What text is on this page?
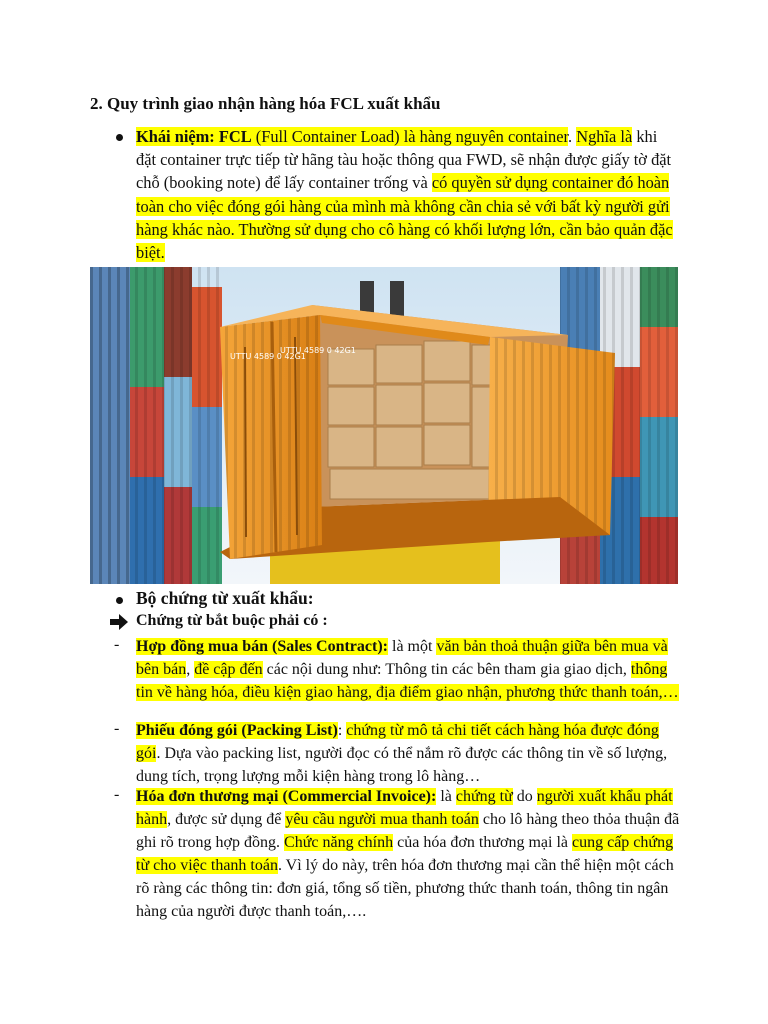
2. Quy trình giao nhận hàng hóa FCL xuất khẩu

Khái niệm: FCL (Full Container Load) là hàng nguyên container. Nghĩa là khi đặt container trực tiếp từ hãng tàu hoặc thông qua FWD, sẽ nhận được giấy tờ đặt chỗ (booking note) để lấy container trống và có quyền sử dụng container đó hoàn toàn cho việc đóng gói hàng của mình mà không cần chia sẻ với bất kỳ người gửi hàng khác nào. Thường sử dụng cho cô hàng có khối lượng lớn, cần bảo quản đặc biệt.

UTTU 4589 0 42G1
UTTU 4589 0 42G1
Bộ chứng từ xuất khẩu:
Chứng từ bắt buộc phải có :
- Hợp đồng mua bán (Sales Contract): là một văn bản thoả thuận giữa bên mua và bên bán, đề cập đến các nội dung như: Thông tin các bên tham gia giao dịch, thông tin về hàng hóa, điều kiện giao hàng, địa điểm giao nhận, phương thức thanh toán,…

- Phiếu đóng gói (Packing List): chứng từ mô tả chi tiết cách hàng hóa được đóng gói. Dựa vào packing list, người đọc có thể nắm rõ được các thông tin về số lượng, dung tích, trọng lượng mỗi kiện hàng trong lô hàng…

- Hóa đơn thương mại (Commercial Invoice): là chứng từ do người xuất khẩu phát hành, được sử dụng để yêu cầu người mua thanh toán cho lô hàng theo thỏa thuận đã ghi rõ trong hợp đồng. Chức năng chính của hóa đơn thương mại là cung cấp chứng từ cho việc thanh toán. Vì lý do này, trên hóa đơn thương mại cần thể hiện một cách rõ ràng các thông tin: đơn giá, tổng số tiền, phương thức thanh toán, thông tin ngân hàng của người được thanh toán,….
